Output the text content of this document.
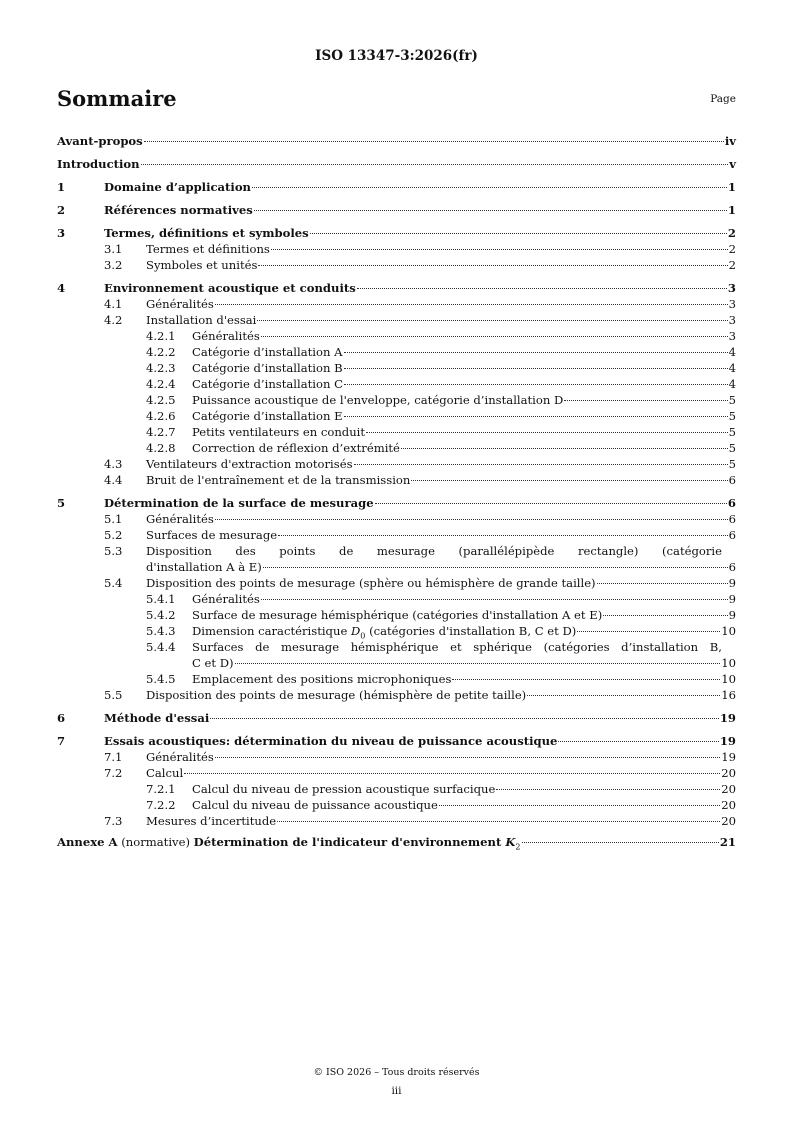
ISO 13347-3:2026(fr)
Sommaire	Page
Avant-propos	iv
Introduction	v
1	Domaine d’application	1
2	Références normatives	1
3	Termes, définitions et symboles	2
3.1	Termes et définitions	2
3.2	Symboles et unités	2
4	Environnement acoustique et conduits	3
4.1	Généralités	3
4.2	Installation d'essai	3
4.2.1	Généralités	3
4.2.2	Catégorie d’installation A	4
4.2.3	Catégorie d’installation B	4
4.2.4	Catégorie d’installation C	4
4.2.5	Puissance acoustique de l'enveloppe, catégorie d’installation D	5
4.2.6	Catégorie d’installation E	5
4.2.7	Petits ventilateurs en conduit	5
4.2.8	Correction de réflexion d’extrémité	5
4.3	Ventilateurs d'extraction motorisés	5
4.4	Bruit de l'entraînement et de la transmission	6
5	Détermination de la surface de mesurage	6
5.1	Généralités	6
5.2	Surfaces de mesurage	6
5.3	Disposition des points de mesurage (parallélépipède rectangle) (catégorie
d'installation A à E)	6
5.4	Disposition des points de mesurage (sphère ou hémisphère de grande taille)	9
5.4.1	Généralités	9
5.4.2	Surface de mesurage hémisphérique (catégories d'installation A et E)	9
5.4.3	Dimension caractéristique $D_0$ (catégories d'installation B, C et D)	10
5.4.4	Surfaces de mesurage hémisphérique et sphérique (catégories d’installation B,
C et D)	10
5.4.5	Emplacement des positions microphoniques	10
5.5	Disposition des points de mesurage (hémisphère de petite taille)	16
6	Méthode d'essai	19
7	Essais acoustiques: détermination du niveau de puissance acoustique	19
7.1	Généralités	19
7.2	Calcul	20
7.2.1	Calcul du niveau de pression acoustique surfacique	20
7.2.2	Calcul du niveau de puissance acoustique	20
7.3	Mesures d’incertitude	20
Annexe A (normative) Détermination de l'indicateur d'environnement $K_2$	21
© ISO 2026 – Tous droits réservés
iii
